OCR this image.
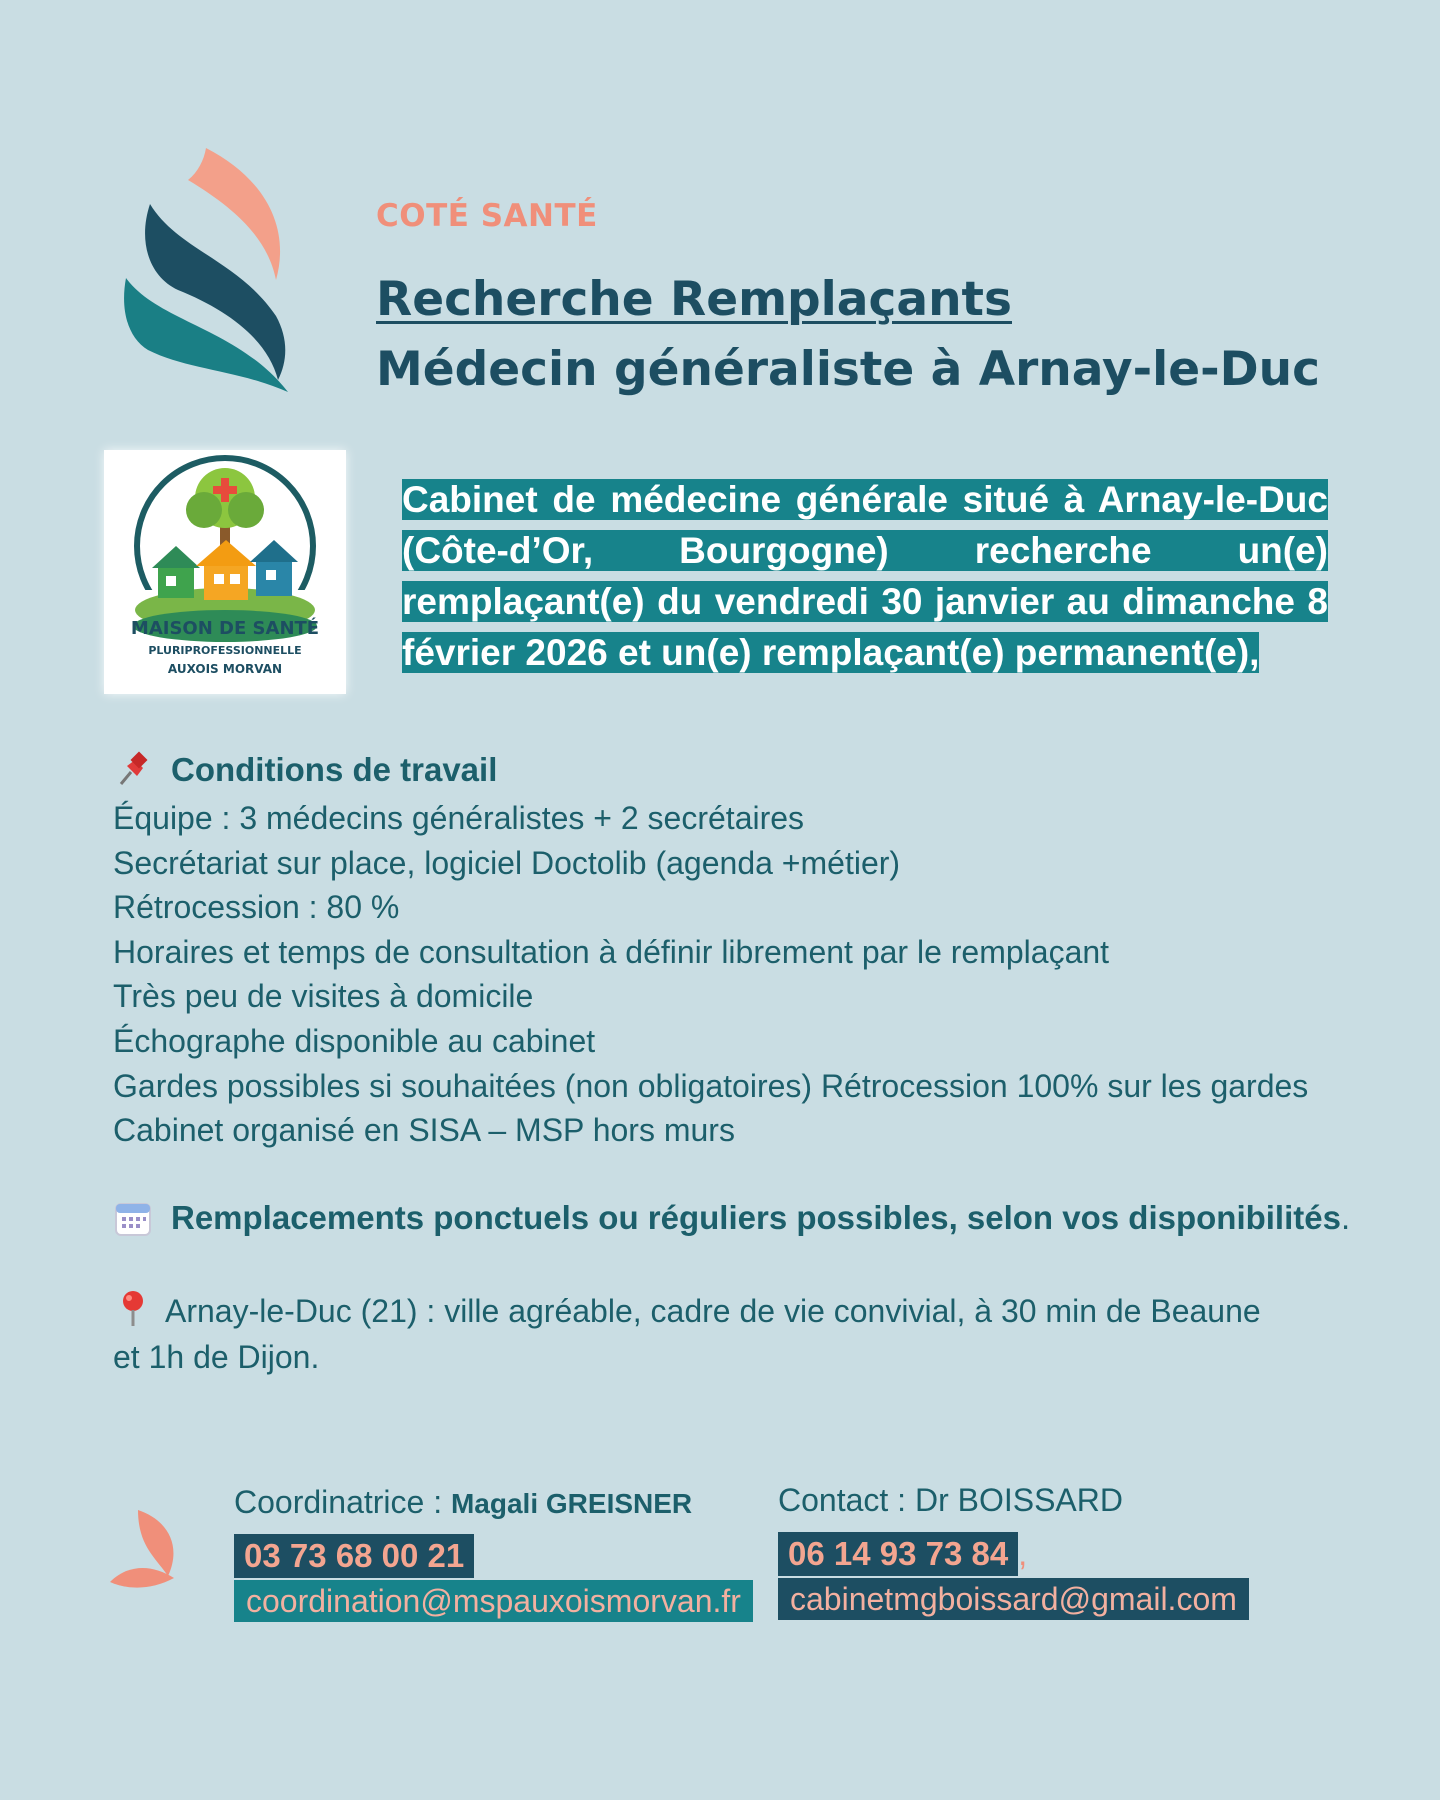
COTÉ SANTÉ
Recherche Remplaçants
Médecin généraliste à Arnay-le-Duc
MAISON DE SANTÉ
PLURIPROFESSIONNELLE
AUXOIS MORVAN
Cabinet de médecine générale situé à Arnay-le-Duc (Côte-d’Or, Bourgogne) recherche un(e) remplaçant(e) du vendredi 30 janvier au dimanche 8 février 2026 et un(e) remplaçant(e) permanent(e),
Conditions de travail
Équipe : 3 médecins généralistes + 2 secrétaires
Secrétariat sur place, logiciel Doctolib (agenda +métier)
Rétrocession : 80 %
Horaires et temps de consultation à définir librement par le remplaçant
Très peu de visites à domicile
Échographe disponible au cabinet
Gardes possibles si souhaitées (non obligatoires) Rétrocession 100% sur les gardes
Cabinet organisé en SISA – MSP hors murs
Remplacements ponctuels ou réguliers possibles, selon vos disponibilités .
Arnay-le-Duc (21) : ville agréable, cadre de vie convivial, à 30 min de Beaune et 1h de Dijon.
Coordinatrice : Magali GREISNER
03 73 68 00 21
coordination@mspauxoismorvan.fr
Contact : Dr BOISSARD
06 14 93 73 84 ,
cabinetmgboissard@gmail.com
